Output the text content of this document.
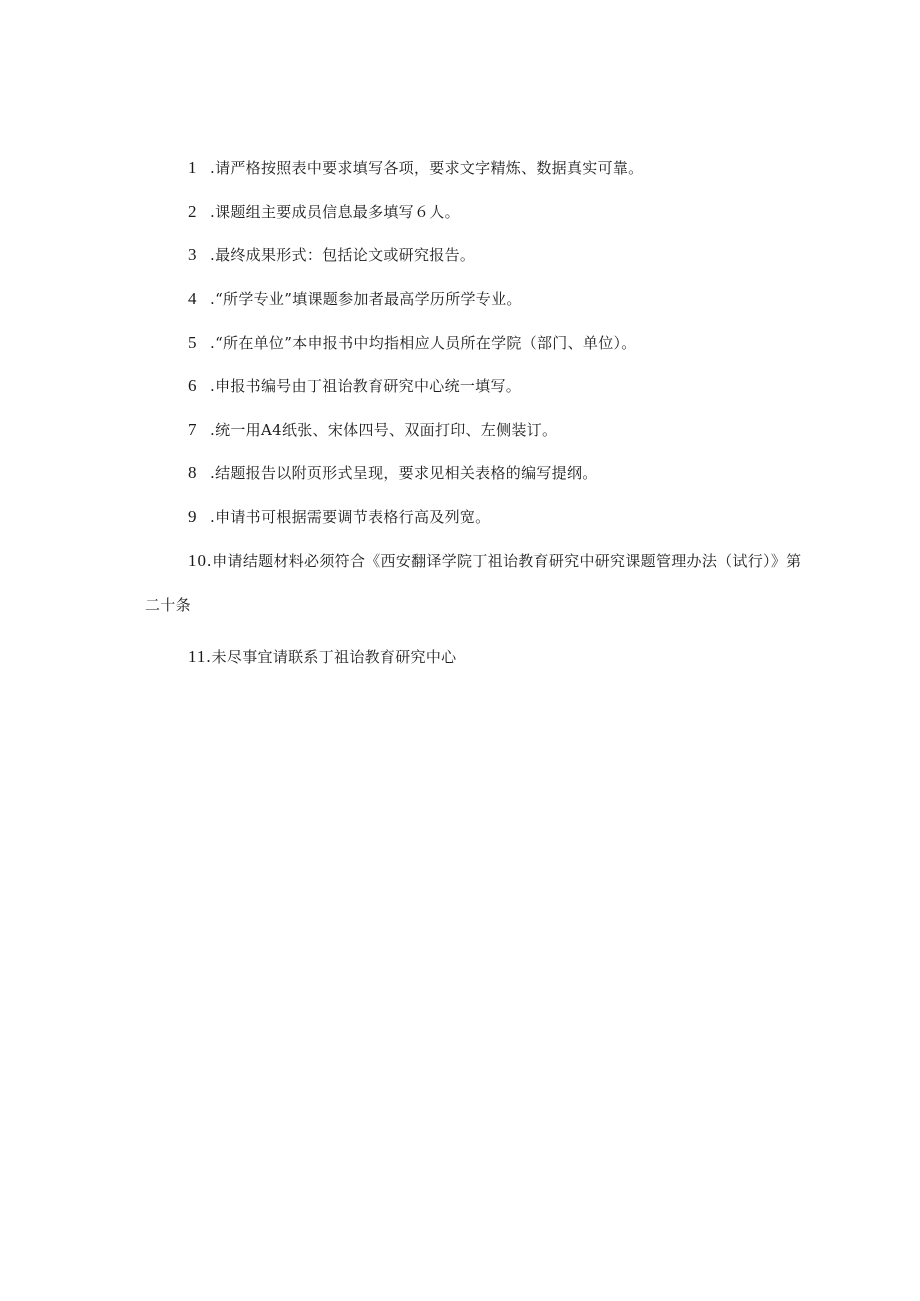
1 .请严格按照表中要求填写各项，要求文字精炼、数据真实可靠。
2 .课题组主要成员信息最多填写６人。
3 .最终成果形式：包括论文或研究报告。
4 .“所学专业”填课题参加者最高学历所学专业。
5 .“所在单位”本申报书中均指相应人员所在学院（部门、单位）。
6 .申报书编号由丁祖诒教育研究中心统一填写。
7 .统一用A4纸张、宋体四号、双面打印、左侧装订。
8 .结题报告以附页形式呈现，要求见相关表格的编写提纲。
9 .申请书可根据需要调节表格行高及列宽。
10.申请结题材料必须符合《西安翻译学院丁祖诒教育研究中研究课题管理办法（试行）》第
二十条
11.未尽事宜请联系丁祖诒教育研究中心
